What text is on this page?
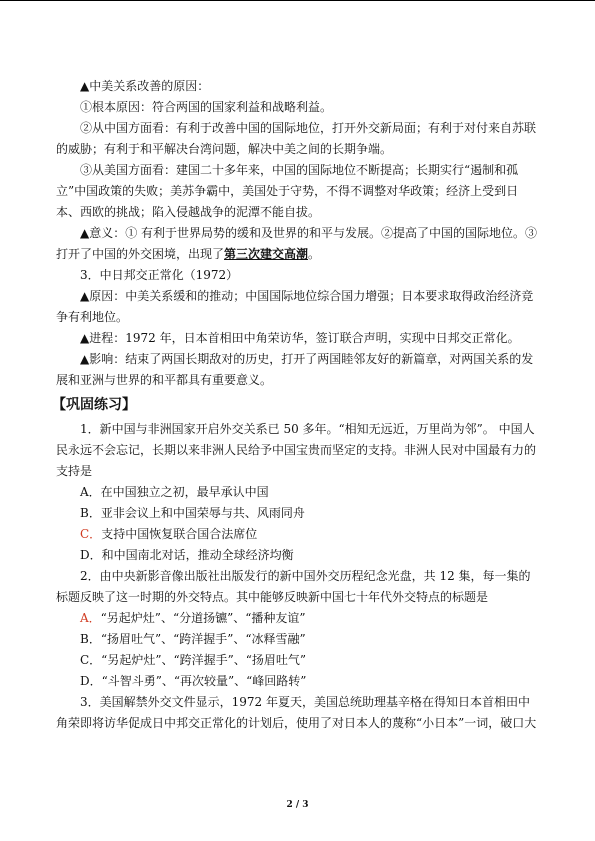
▲中美关系改善的原因：

①根本原因：符合两国的国家利益和战略利益。

②从中国方面看：有利于改善中国的国际地位，打开外交新局面；有利于对付来自苏联的威胁；有利于和平解决台湾问题，解决中美之间的长期争端。

③从美国方面看：建国二十多年来，中国的国际地位不断提高；长期实行“遏制和孤立”中国政策的失败；美苏争霸中，美国处于守势，不得不调整对华政策；经济上受到日本、西欧的挑战；陷入侵越战争的泥潭不能自拔。

▲意义：① 有利于世界局势的缓和及世界的和平与发展。②提高了中国的国际地位。③打开了中国的外交困境，出现了第三次建交高潮。

3．中日邦交正常化（1972）

▲原因：中美关系缓和的推动；中国国际地位综合国力增强；日本要求取得政治经济竞争有利地位。

▲进程：1972 年，日本首相田中角荣访华，签订联合声明，实现中日邦交正常化。

▲影响：结束了两国长期敌对的历史，打开了两国睦邻友好的新篇章，对两国关系的发展和亚洲与世界的和平都具有重要意义。

【巩固练习】

1．新中国与非洲国家开启外交关系已 50 多年。“相知无远近，万里尚为邻”。 中国人民永远不会忘记，长期以来非洲人民给予中国宝贵而坚定的支持。非洲人民对中国最有力的支持是

A．在中国独立之初，最早承认中国

B．亚非会议上和中国荣辱与共、风雨同舟

C．支持中国恢复联合国合法席位

D．和中国南北对话，推动全球经济均衡

2．由中央新影音像出版社出版发行的新中国外交历程纪念光盘，共 12 集，每一集的标题反映了这一时期的外交特点。其中能够反映新中国七十年代外交特点的标题是

A．“另起炉灶”、“分道扬镳”、“播种友谊”

B．“扬眉吐气”、“跨洋握手”、“冰释雪融”

C．“另起炉灶”、“跨洋握手”、“扬眉吐气”

D．“斗智斗勇”、“再次较量”、“峰回路转”

3．美国解禁外交文件显示，1972 年夏天，美国总统助理基辛格在得知日本首相田中角荣即将访华促成日中邦交正常化的计划后，使用了对日本人的蔑称“小日本”一词，破口大

2 / 3
